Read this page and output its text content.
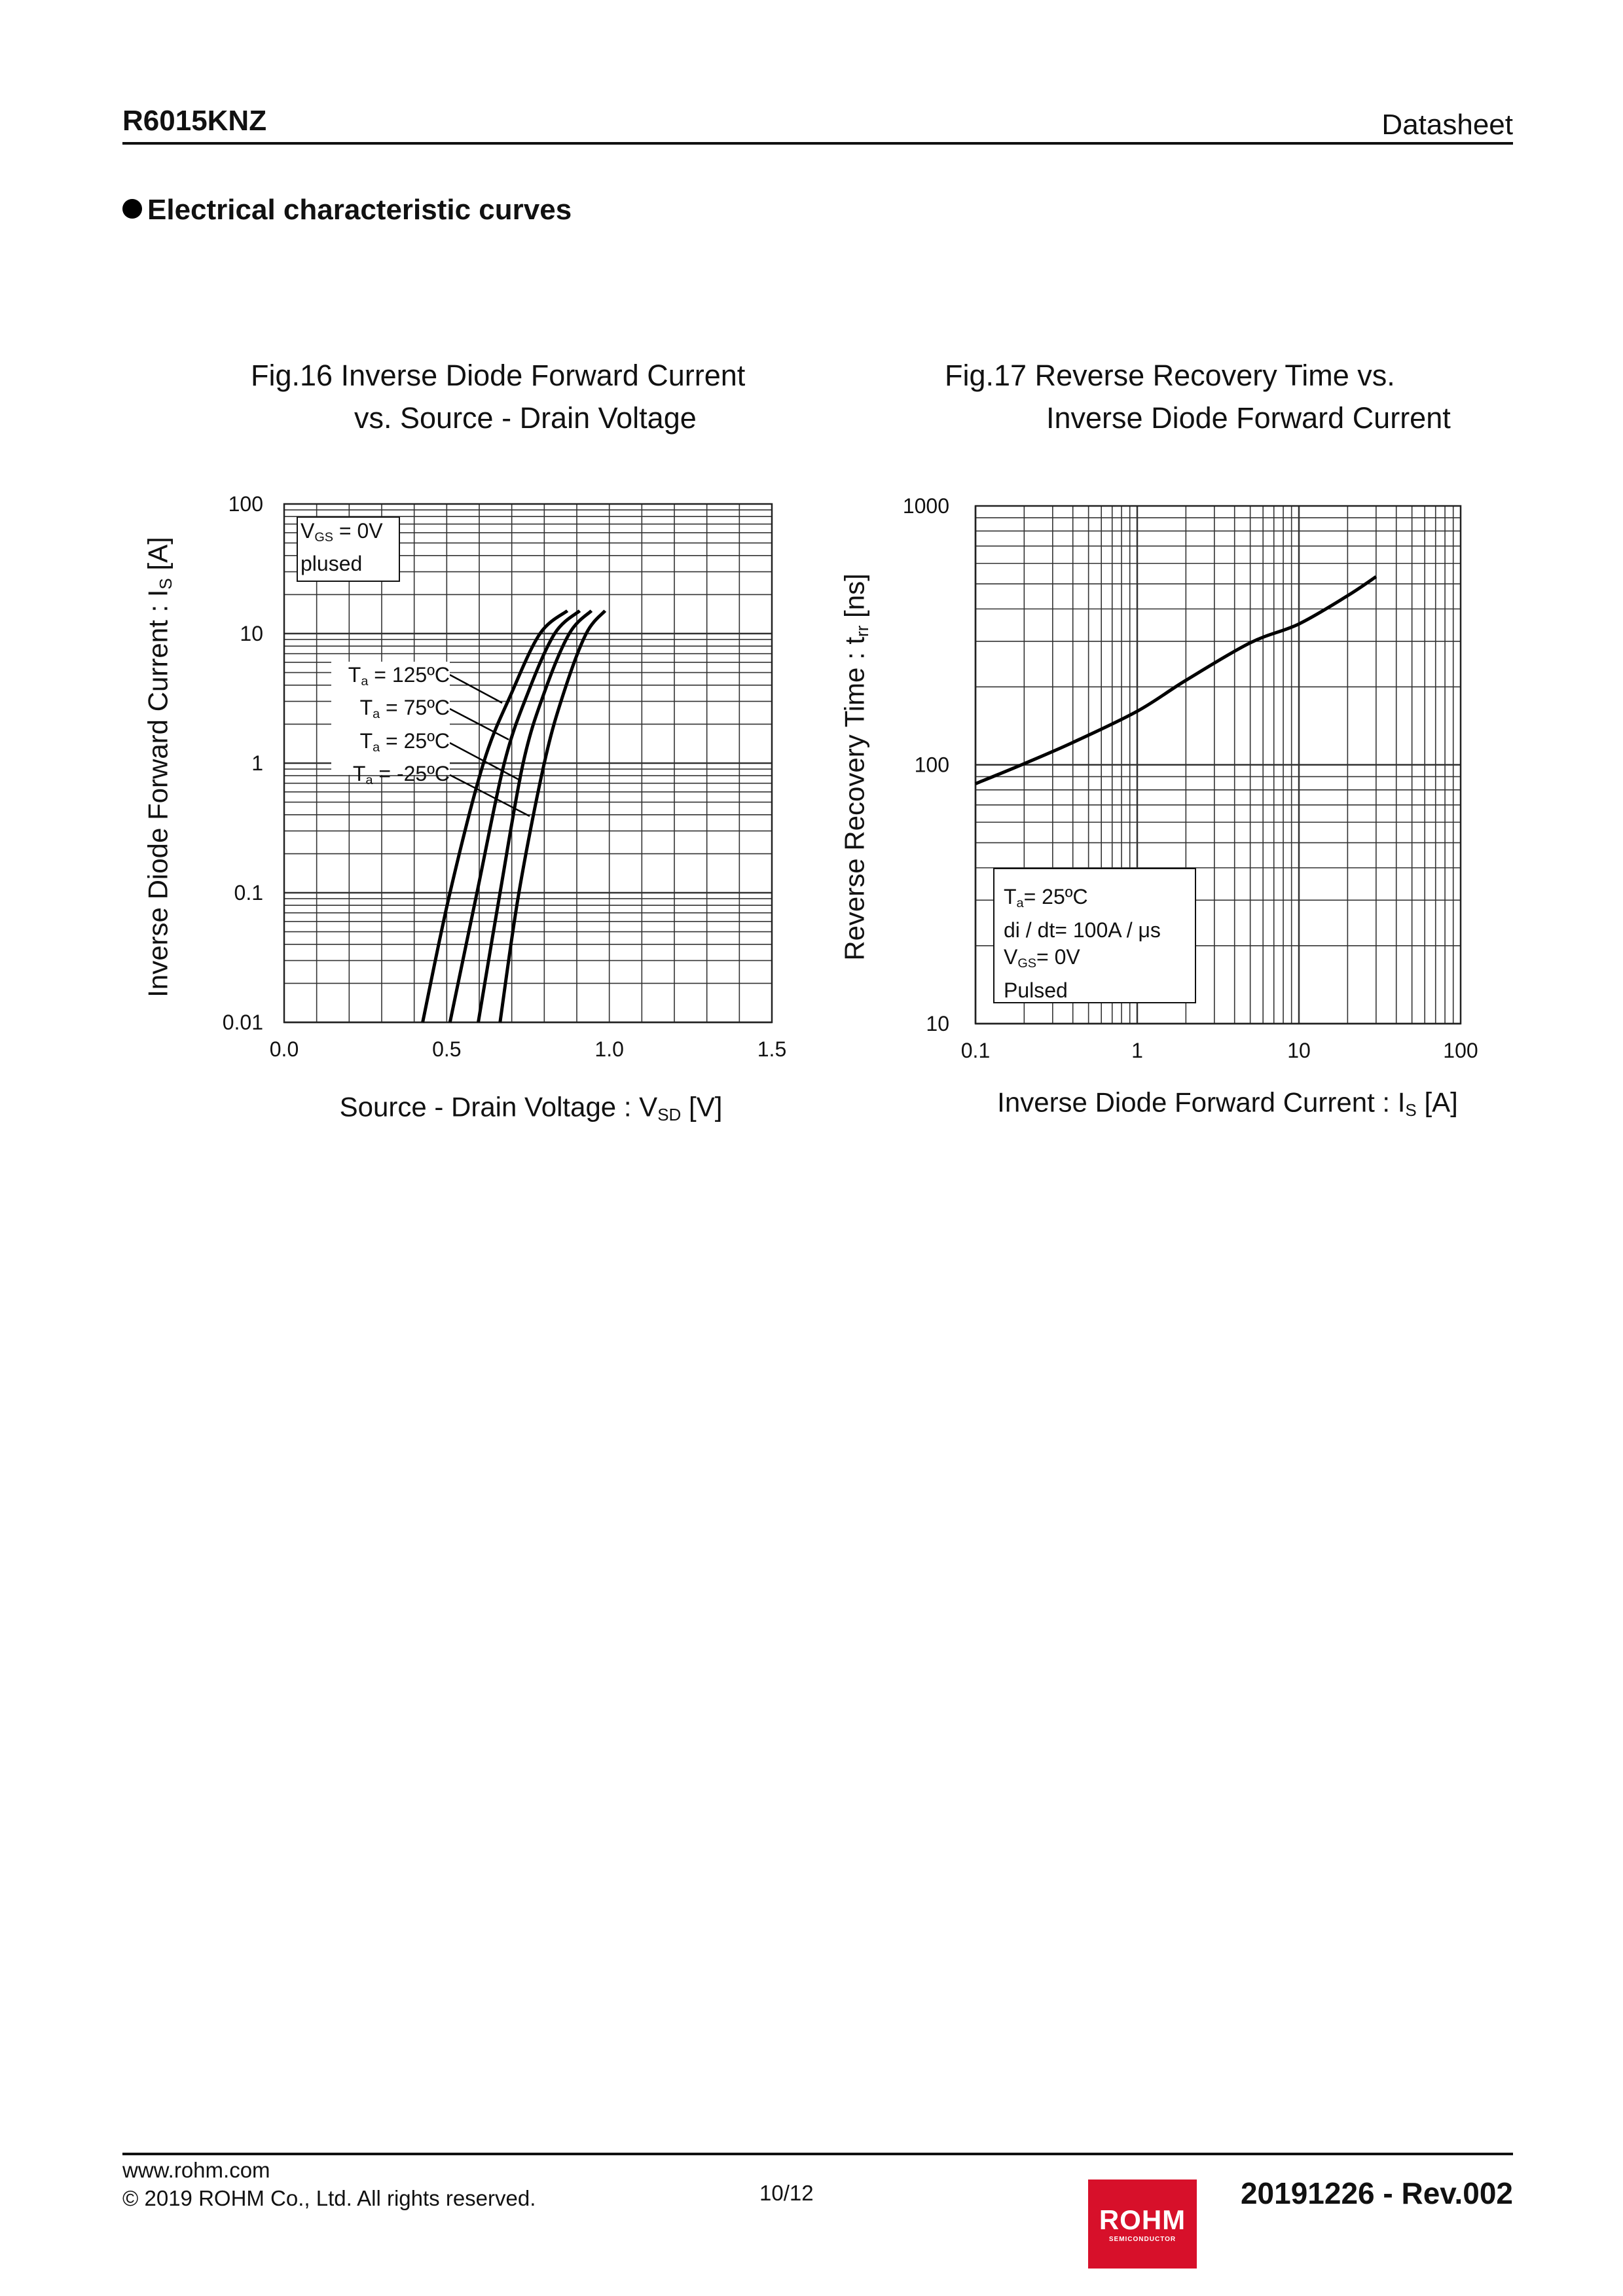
R6015KNZ	Datasheet
Electrical characteristic curves
Fig.16 Inverse Diode Forward Current
vs. Source - Drain Voltage
Fig.17 Reverse Recovery Time vs.
Inverse Diode Forward Current
0.0	0.5	1.0	1.5
100
10
1
0.1
0.01
0.1	1	10	100
1000
100
10
Inverse Diode Forward Current : $I_S$ [A]
Source - Drain Voltage : $V_{SD}$ [V]
Reverse Recovery Time : $t_{rr}$ [ns]
Inverse Diode Forward Current : $I_S$ [A]
$V_{GS} = 0V$
plused
$T_a$ = 125ºC
$T_a$ = 75ºC
$T_a$ = 25ºC
$T_a$ = -25ºC
$T_a=$ 25ºC
di / dt= 100A / μs
$V_{GS}= 0V$
Pulsed
www.rohm.com
© 2019 ROHM Co., Ltd. All rights reserved.	10/12
ROHM
SEMICONDUCTOR
20191226 - Rev.002
